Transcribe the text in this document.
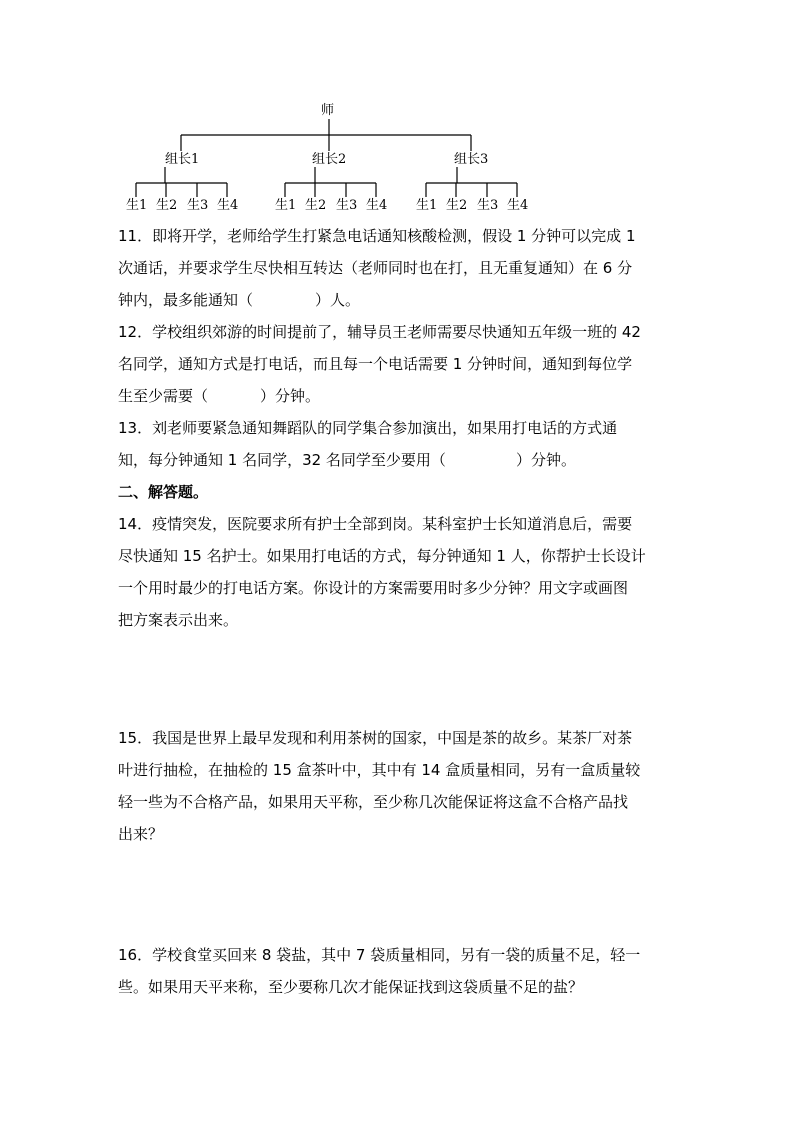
师
组长1	组长2	组长3
生1 生2 生3 生4	生1 生2 生3 生4 生1 生2 生3 生4

11．即将开学，老师给学生打紧急电话通知核酸检测，假设 1 分钟可以完成 1

次通话，并要求学生尽快相互转达（老师同时也在打，且无重复通知）在 6 分

钟内，最多能通知（	）人。

12．学校组织郊游的时间提前了，辅导员王老师需要尽快通知五年级一班的 42

名同学，通知方式是打电话，而且每一个电话需要 1 分钟时间，通知到每位学

生至少需要（	）分钟。

13．刘老师要紧急通知舞蹈队的同学集合参加演出，如果用打电话的方式通

知，每分钟通知 1 名同学，32 名同学至少要用（	）分钟。

二、解答题。

14．疫情突发，医院要求所有护士全部到岗。某科室护士长知道消息后，需要

尽快通知 15 名护士。如果用打电话的方式，每分钟通知 1 人，你帮护士长设计

一个用时最少的打电话方案。你设计的方案需要用时多少分钟？用文字或画图

把方案表示出来。

15．我国是世界上最早发现和利用茶树的国家，中国是茶的故乡。某茶厂对茶

叶进行抽检，在抽检的 15 盒茶叶中，其中有 14 盒质量相同，另有一盒质量较

轻一些为不合格产品，如果用天平称，至少称几次能保证将这盒不合格产品找

出来？

16．学校食堂买回来 8 袋盐，其中 7 袋质量相同，另有一袋的质量不足，轻一

些。如果用天平来称，至少要称几次才能保证找到这袋质量不足的盐？
